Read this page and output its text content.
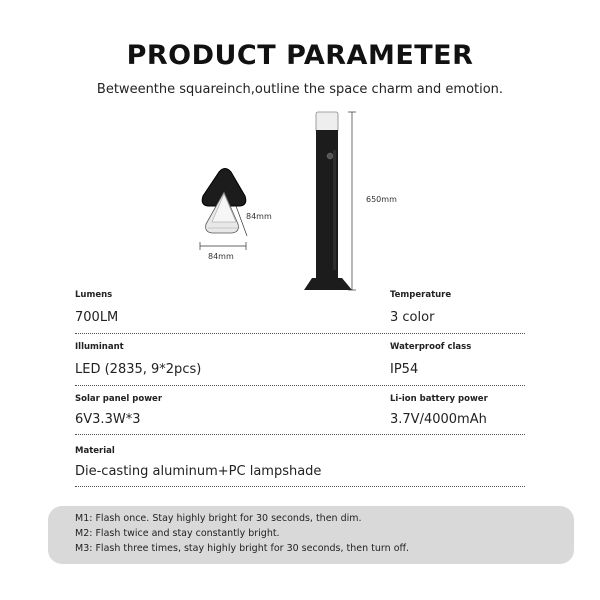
PRODUCT PARAMETER
Betweenthe squareinch,outline the space charm and emotion.
84mm
84mm
650mm
Lumens
700LM
Temperature
3 color
Illuminant
LED (2835, 9*2pcs)
Waterproof class
IP54
Solar panel power
6V3.3W*3
Li-ion battery power
3.7V/4000mAh
Material
Die-casting aluminum+PC lampshade
M1: Flash once. Stay highly bright for 30 seconds, then dim.
M2: Flash twice and stay constantly bright.
M3: Flash three times, stay highly bright for 30 seconds, then turn off.
